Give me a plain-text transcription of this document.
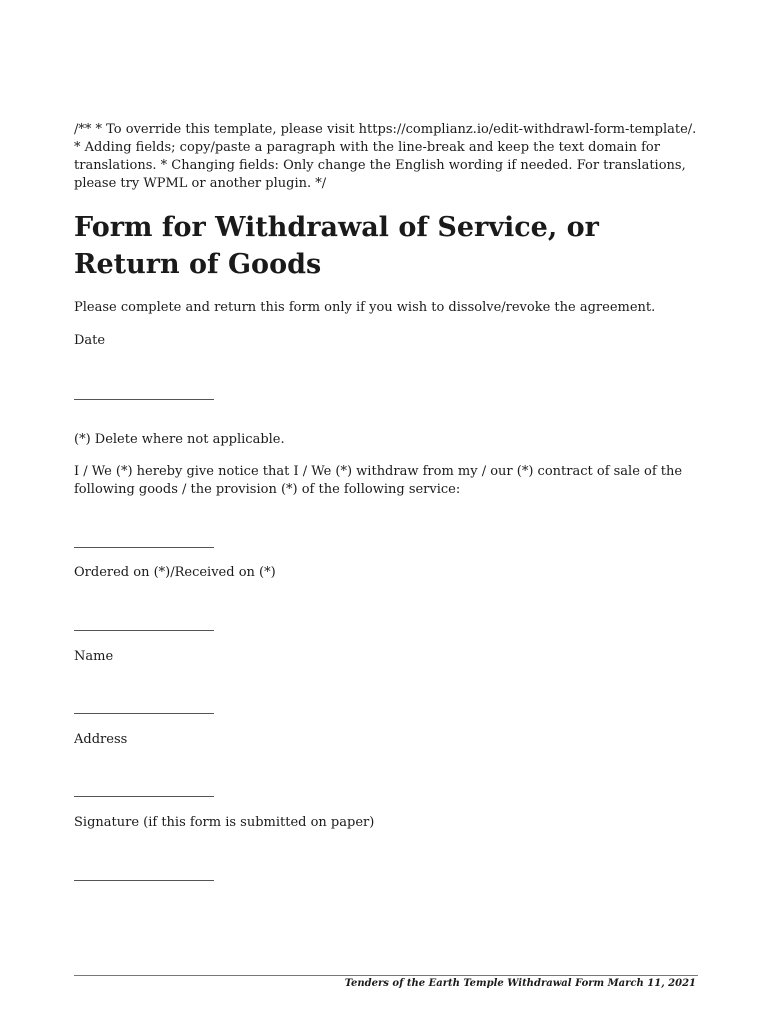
/** * To override this template, please visit https://complianz.io/edit-withdrawl-form-template/. * Adding fields; copy/paste a paragraph with the line-break and keep the text domain for translations. * Changing fields: Only change the English wording if needed. For translations, please try WPML or another plugin. */

Form for Withdrawal of Service, or Return of Goods

Please complete and return this form only if you wish to dissolve/revoke the agreement.

Date

(*) Delete where not applicable.

I / We (*) hereby give notice that I / We (*) withdraw from my / our (*) contract of sale of the following goods / the provision (*) of the following service:

Ordered on (*)/Received on (*)

Name

Address

Signature (if this form is submitted on paper)

Tenders of the Earth Temple Withdrawal Form March 11, 2021
